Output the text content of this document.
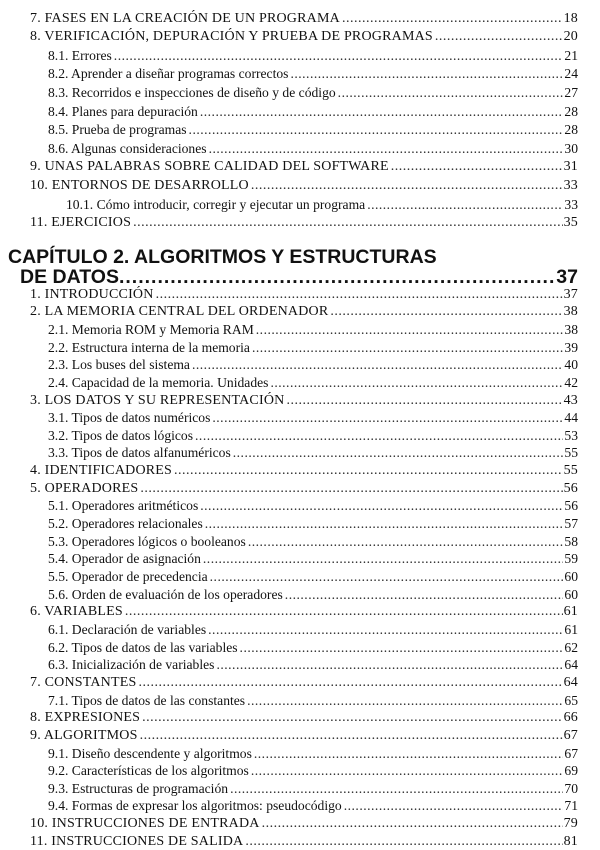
7. FASES EN LA CREACIÓN DE UN PROGRAMA .....	18
8. VERIFICACIÓN, DEPURACIÓN Y PRUEBA DE PROGRAMAS .....	20
8.1. Errores .....	21
8.2. Aprender a diseñar programas correctos .....	24
8.3. Recorridos e inspecciones de diseño y de código .....	27
8.4. Planes para depuración .....	28
8.5. Prueba de programas .....	28
8.6. Algunas consideraciones .....	30
9. UNAS PALABRAS SOBRE CALIDAD DEL SOFTWARE .....	31
10. ENTORNOS DE DESARROLLO .....	33
10.1. Cómo introducir, corregir y ejecutar un programa .....	33
11. EJERCICIOS .....	35
CAPÍTULO 2. ALGORITMOS Y ESTRUCTURAS
DE DATOS .....	37
1. INTRODUCCIÓN .....	37
2. LA MEMORIA CENTRAL DEL ORDENADOR .....	38
2.1. Memoria ROM y Memoria RAM .....	38
2.2. Estructura interna de la memoria .....	39
2.3. Los buses del sistema .....	40
2.4. Capacidad de la memoria. Unidades .....	42
3. LOS DATOS Y SU REPRESENTACIÓN .....	43
3.1. Tipos de datos numéricos .....	44
3.2. Tipos de datos lógicos .....	53
3.3. Tipos de datos alfanuméricos .....	55
4. IDENTIFICADORES .....	55
5. OPERADORES .....	56
5.1. Operadores aritméticos .....	56
5.2. Operadores relacionales .....	57
5.3. Operadores lógicos o booleanos .....	58
5.4. Operador de asignación .....	59
5.5. Operador de precedencia .....	60
5.6. Orden de evaluación de los operadores .....	60
6. VARIABLES .....	61
6.1. Declaración de variables .....	61
6.2. Tipos de datos de las variables .....	62
6.3. Inicialización de variables .....	64
7. CONSTANTES .....	64
7.1. Tipos de datos de las constantes .....	65
8. EXPRESIONES .....	66
9. ALGORITMOS .....	67
9.1. Diseño descendente y algoritmos .....	67
9.2. Características de los algoritmos .....	69
9.3. Estructuras de programación .....	70
9.4. Formas de expresar los algoritmos: pseudocódigo .....	71
10. INSTRUCCIONES DE ENTRADA .....	79
11. INSTRUCCIONES DE SALIDA .....	81
